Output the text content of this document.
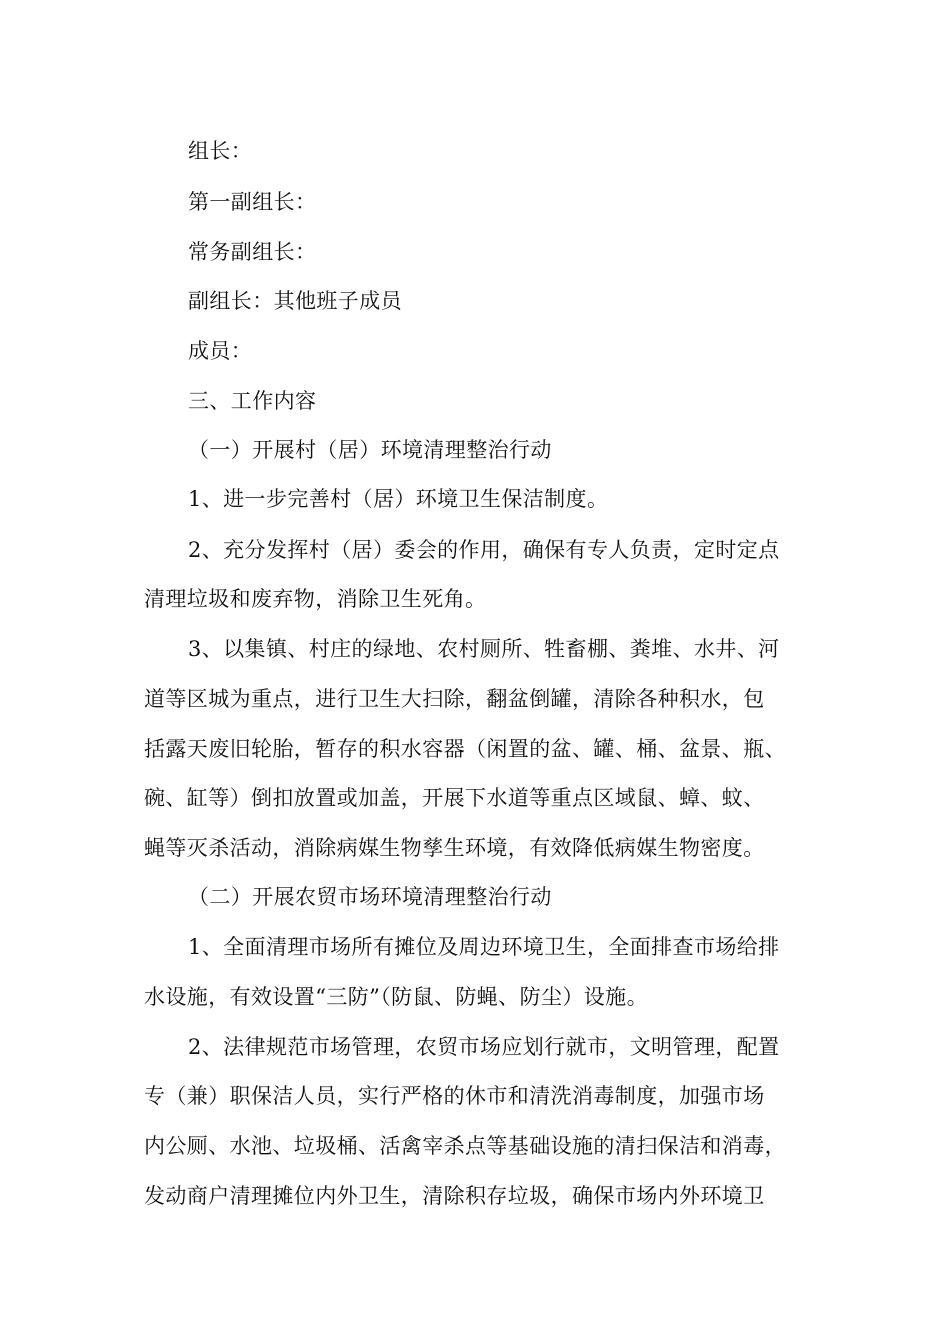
组长：
第一副组长：
常务副组长：
副组长：其他班子成员
成员：
三、工作内容
（一）开展村（居）环境清理整治行动
1、进一步完善村（居）环境卫生保洁制度。
2、充分发挥村（居）委会的作用，确保有专人负责，定时定点
清理垃圾和废弃物，消除卫生死角。
3、以集镇、村庄的绿地、农村厕所、牲畜棚、粪堆、水井、河
道等区城为重点，进行卫生大扫除，翻盆倒罐，清除各种积水，包
括露天废旧轮胎，暂存的积水容器（闲置的盆、罐、桶、盆景、瓶、
碗、缸等）倒扣放置或加盖，开展下水道等重点区域鼠、蟑、蚊、
蝇等灭杀活动，消除病媒生物孳生环境，有效降低病媒生物密度。
（二）开展农贸市场环境清理整治行动
1、全面清理市场所有摊位及周边环境卫生，全面排查市场给排
水设施，有效设置“三防”（防鼠、防蝇、防尘）设施。
2、法律规范市场管理，农贸市场应划行就市，文明管理，配置
专（兼）职保洁人员，实行严格的休市和清洗消毒制度，加强市场
内公厕、水池、垃圾桶、活禽宰杀点等基础设施的清扫保洁和消毒，
发动商户清理摊位内外卫生，清除积存垃圾，确保市场内外环境卫
